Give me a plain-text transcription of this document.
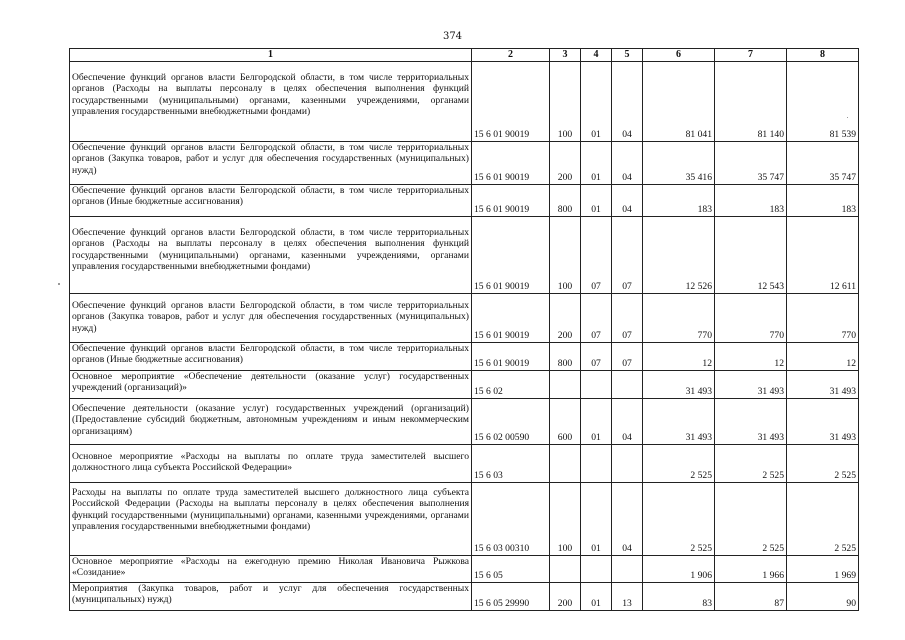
374
1	2	3	4	5	6	7	8
Обеспечение функций органов власти Белгородской области, в том числе территориальных органов (Расходы на выплаты персоналу в целях обеспечения выполнения функций государственными (муниципальными) органами, казенными учреждениями, органами управления государственными внебюджетными фондами)	15 6 01 90019	100	01	04	81 041	81 140	81 539
Обеспечение функций органов власти Белгородской области, в том числе территориальных органов (Закупка товаров, работ и услуг для обеспечения государственных (муниципальных) нужд)	15 6 01 90019	200	01	04	35 416	35 747	35 747
Обеспечение функций органов власти Белгородской области, в том числе территориальных органов (Иные бюджетные ассигнования)	15 6 01 90019	800	01	04	183	183	183
Обеспечение функций органов власти Белгородской области, в том числе территориальных органов (Расходы на выплаты персоналу в целях обеспечения выполнения функций государственными (муниципальными) органами, казенными учреждениями, органами управления государственными внебюджетными фондами)	15 6 01 90019	100	07	07	12 526	12 543	12 611
Обеспечение функций органов власти Белгородской области, в том числе территориальных органов (Закупка товаров, работ и услуг для обеспечения государственных (муниципальных) нужд)	15 6 01 90019	200	07	07	770	770	770
Обеспечение функций органов власти Белгородской области, в том числе территориальных органов (Иные бюджетные ассигнования)	15 6 01 90019	800	07	07	12	12	12
Основное мероприятие «Обеспечение деятельности (оказание услуг) государственных учреждений (организаций)»	15 6 02				31 493	31 493	31 493
Обеспечение деятельности (оказание услуг) государственных учреждений (организаций) (Предоставление субсидий бюджетным, автономным учреждениям и иным некоммерческим организациям)	15 6 02 00590	600	01	04	31 493	31 493	31 493
Основное мероприятие «Расходы на выплаты по оплате труда заместителей высшего должностного лица субъекта Российской Федерации»	15 6 03				2 525	2 525	2 525
Расходы на выплаты по оплате труда заместителей высшего должностного лица субъекта Российской Федерации (Расходы на выплаты персоналу в целях обеспечения выполнения функций государственными (муниципальными) органами, казенными учреждениями, органами управления государственными внебюджетными фондами)	15 6 03 00310	100	01	04	2 525	2 525	2 525
Основное мероприятие «Расходы на ежегодную премию Николая Ивановича Рыжкова «Созидание»	15 6 05				1 906	1 966	1 969
Мероприятия (Закупка товаров, работ и услуг для обеспечения государственных (муниципальных) нужд)	15 6 05 29990	200	01	13	83	87	90
